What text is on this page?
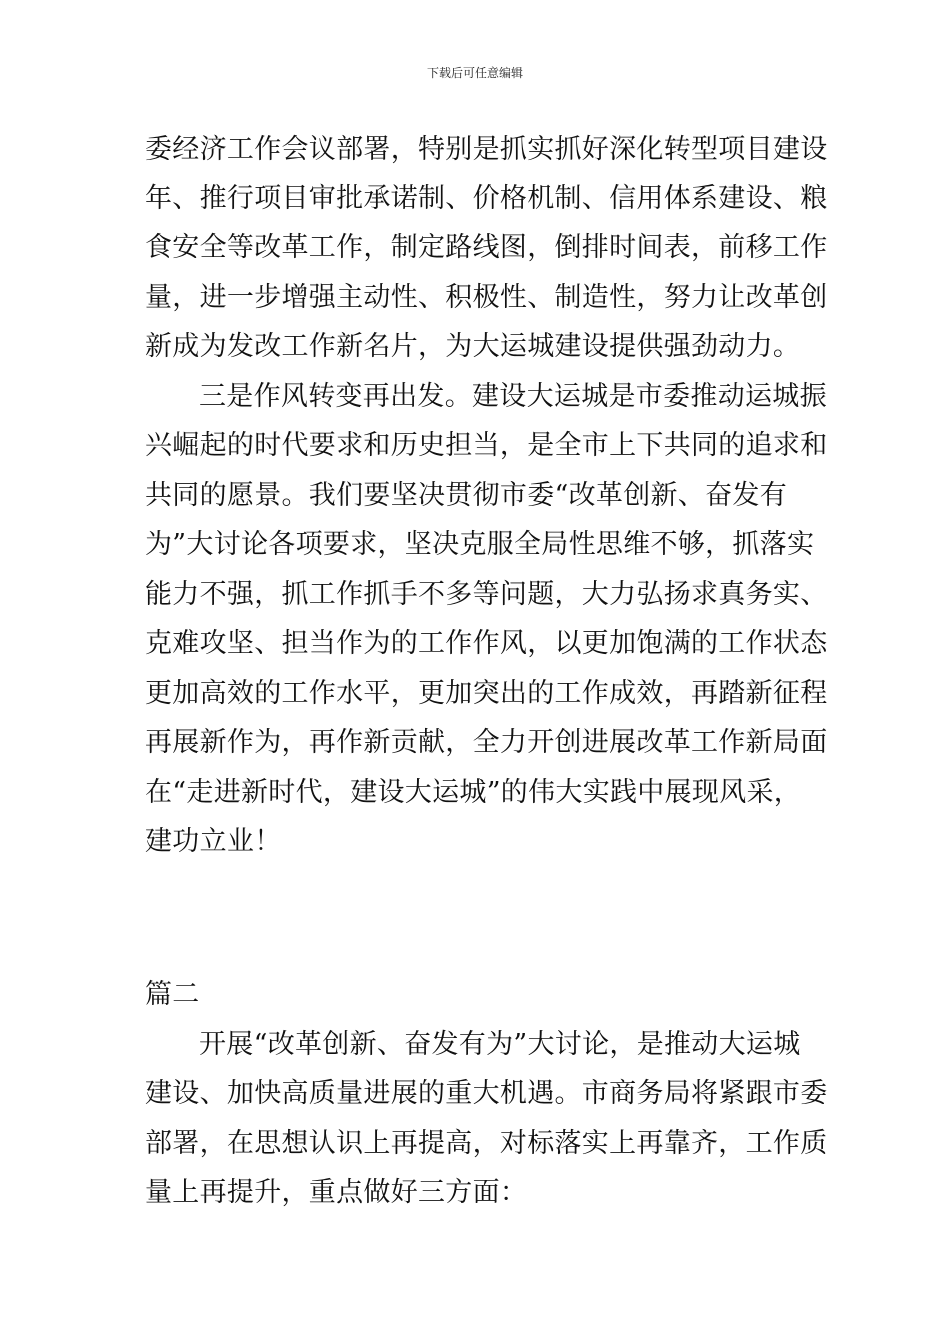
下载后可任意编辑
委经济工作会议部署，特别是抓实抓好深化转型项目建设
年、推行项目审批承诺制、价格机制、信用体系建设、粮
食安全等改革工作，制定路线图，倒排时间表，前移工作
量，进一步增强主动性、积极性、制造性，努力让改革创
新成为发改工作新名片，为大运城建设提供强劲动力。
三是作风转变再出发。建设大运城是市委推动运城振
兴崛起的时代要求和历史担当，是全市上下共同的追求和
共同的愿景。我们要坚决贯彻市委“改革创新、奋发有
为”大讨论各项要求，坚决克服全局性思维不够，抓落实
能力不强，抓工作抓手不多等问题，大力弘扬求真务实、
克难攻坚、担当作为的工作作风，以更加饱满的工作状态
更加高效的工作水平，更加突出的工作成效，再踏新征程
再展新作为，再作新贡献，全力开创进展改革工作新局面
在“走进新时代，建设大运城”的伟大实践中展现风采，
建功立业！
篇二
开展“改革创新、奋发有为”大讨论，是推动大运城
建设、加快高质量进展的重大机遇。市商务局将紧跟市委
部署，在思想认识上再提高，对标落实上再靠齐，工作质
量上再提升，重点做好三方面：
